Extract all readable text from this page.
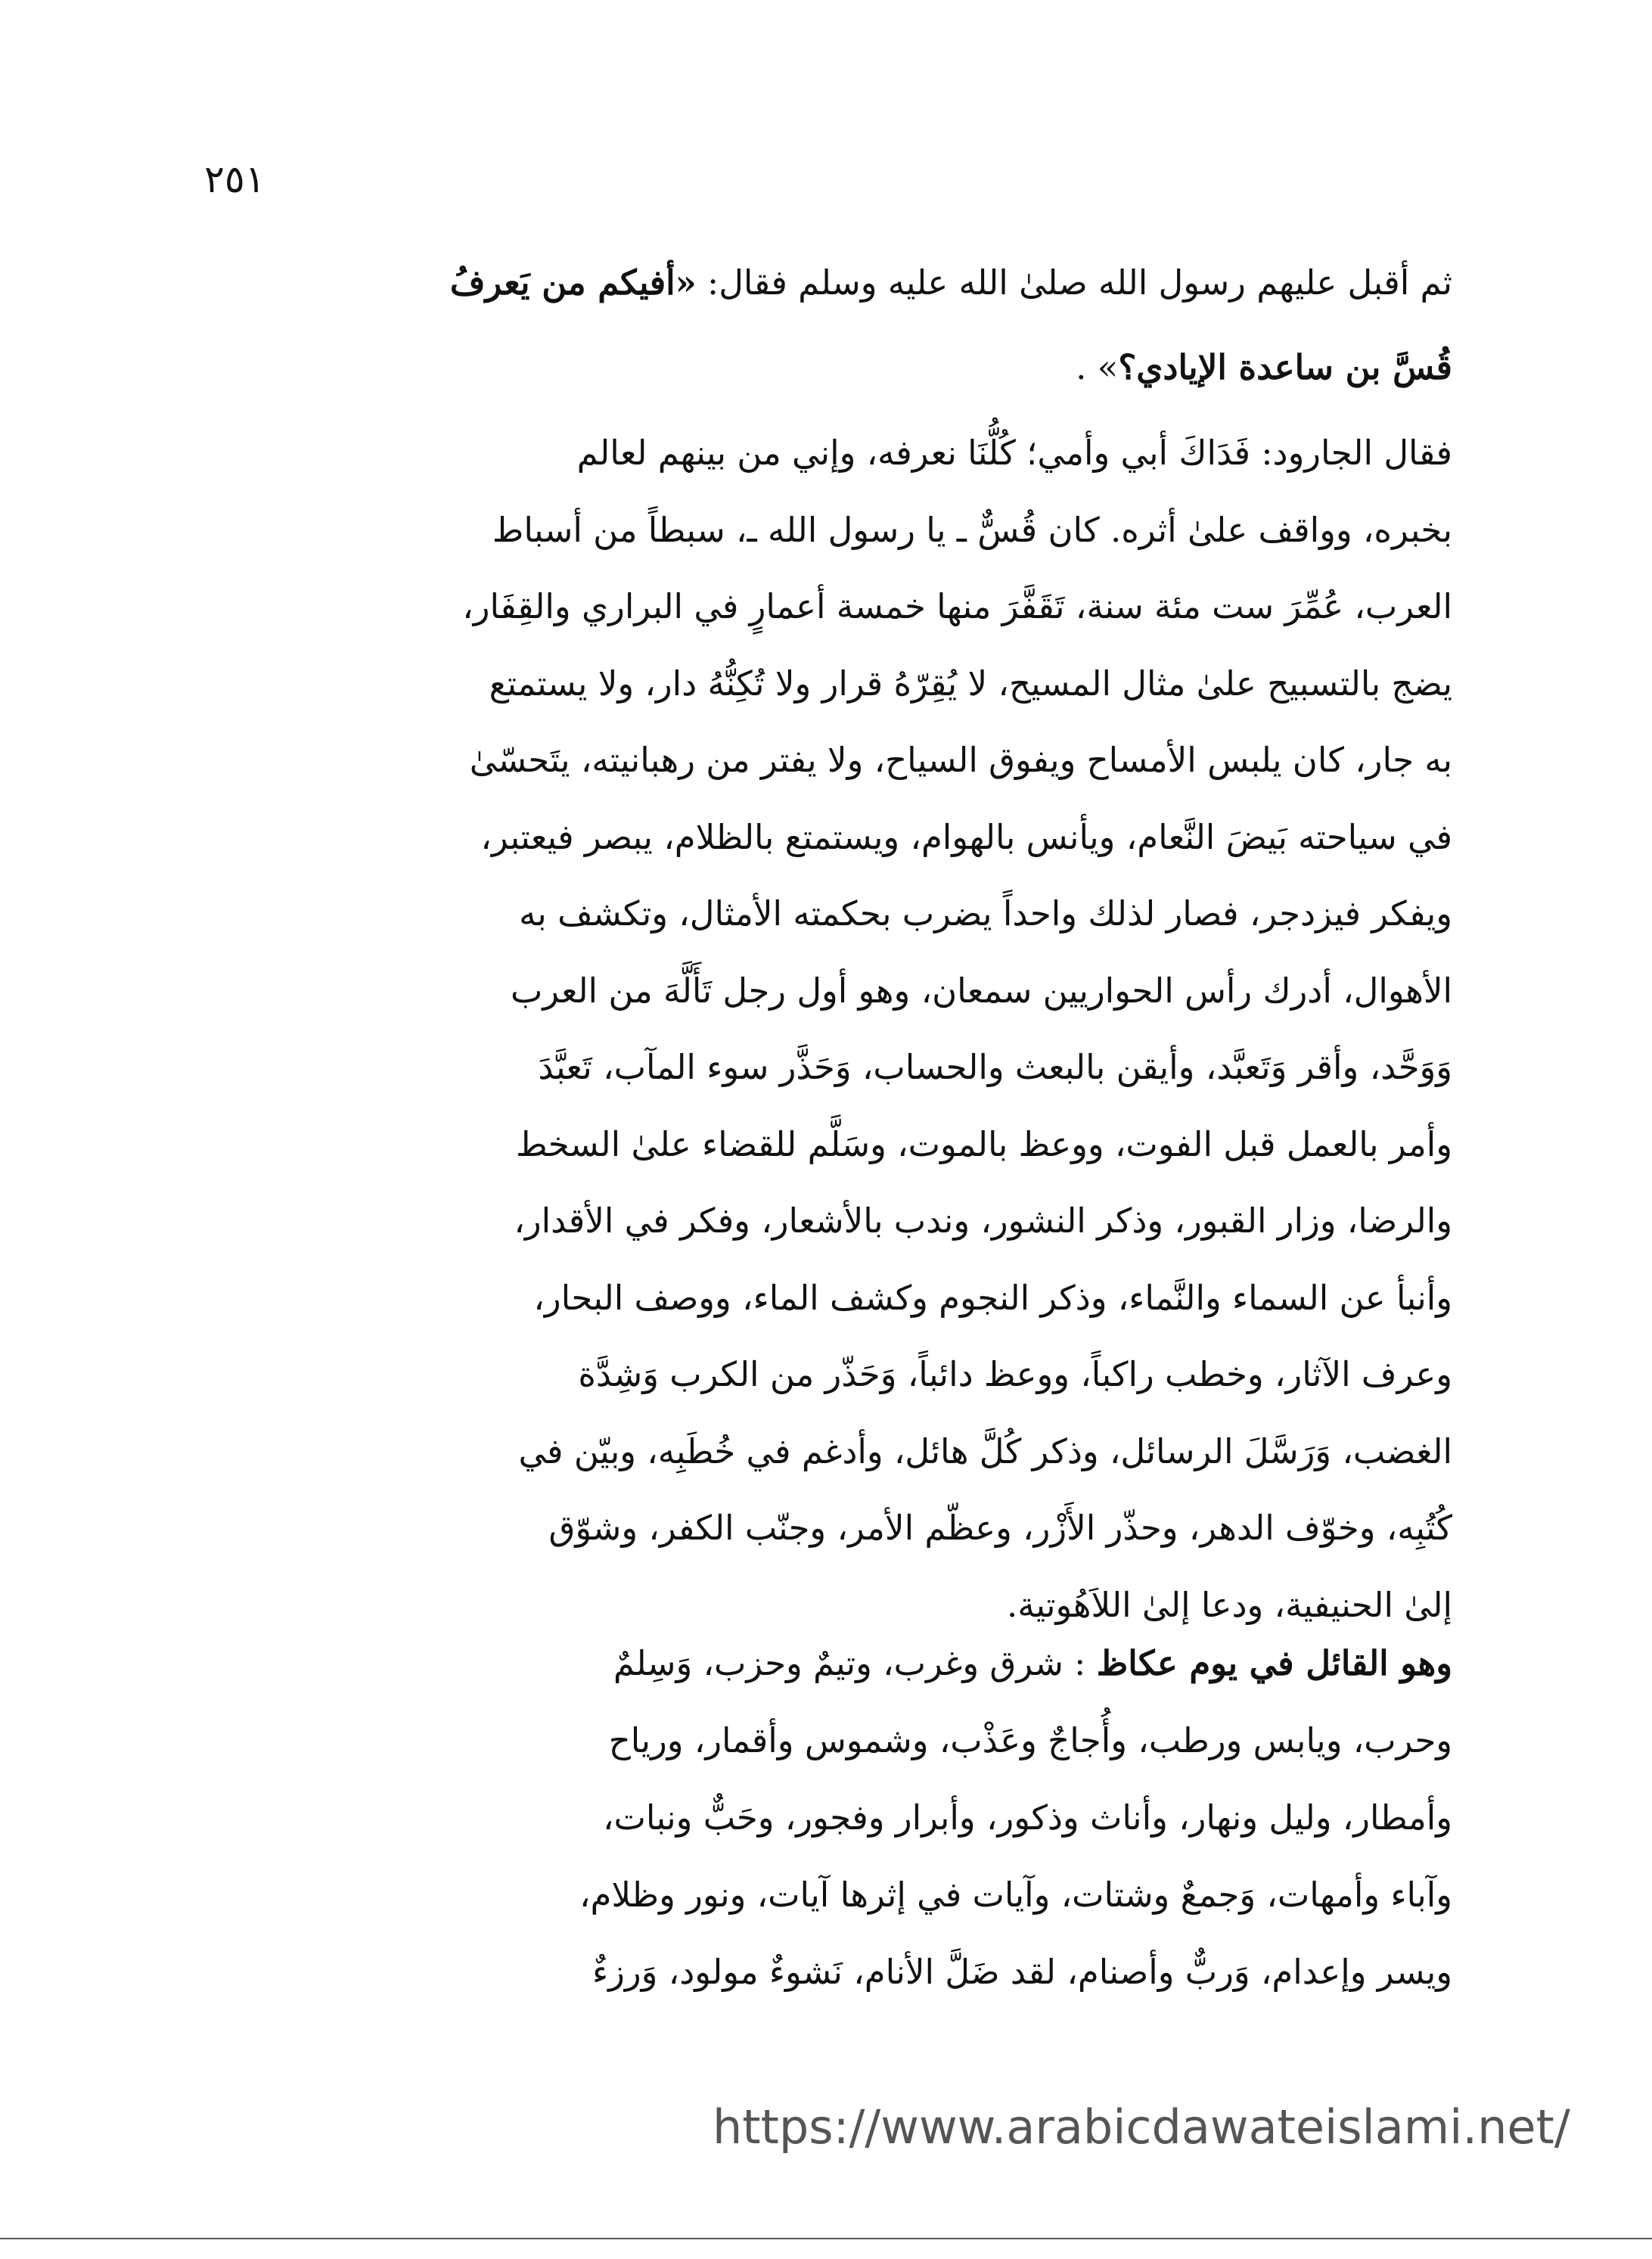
٢٥١
ثم أقبل عليهم رسول الله صلىٰ الله عليه وسلم فقال: «أفيكم من يَعرفُ
قُسَّ بن ساعدة الإيادي؟» .
فقال الجارود: فَدَاكَ أبي وأمي؛ كُلُّنَا نعرفه، وإني من بينهم لعالم
بخبره، وواقف علىٰ أثره. كان قُسٌّ ـ يا رسول الله ـ، سبطاً من أسباط
العرب، عُمِّرَ ست مئة سنة، تَقَفَّرَ منها خمسة أعمارٍ في البراري والقِفَار،
يضج بالتسبيح علىٰ مثال المسيح، لا يُقِرّهُ قرار ولا تُكِنُّهُ دار، ولا يستمتع
به جار، كان يلبس الأمساح ويفوق السياح، ولا يفتر من رهبانيته، يتَحسّىٰ
في سياحته بَيضَ النَّعام، ويأنس بالهوام، ويستمتع بالظلام، يبصر فيعتبر،
ويفكر فيزدجر، فصار لذلك واحداً يضرب بحكمته الأمثال، وتكشف به
الأهوال، أدرك رأس الحواريين سمعان، وهو أول رجل تَأَلَّهَ من العرب
وَوَحَّد، وأقر وَتَعبَّد، وأيقن بالبعث والحساب، وَحَذَّر سوء المآب، تَعبَّدَ
وأمر بالعمل قبل الفوت، ووعظ بالموت، وسَلَّم للقضاء علىٰ السخط
والرضا، وزار القبور، وذكر النشور، وندب بالأشعار، وفكر في الأقدار،
وأنبأ عن السماء والنَّماء، وذكر النجوم وكشف الماء، ووصف البحار،
وعرف الآثار، وخطب راكباً، ووعظ دائباً، وَحَذّر من الكرب وَشِدَّة
الغضب، وَرَسَّلَ الرسائل، وذكر كُلَّ هائل، وأدغم في خُطَبِه، وبيّن في
كُتُبِه، وخوّف الدهر، وحذّر الأَزْر، وعظّم الأمر، وجنّب الكفر، وشوّق
إلىٰ الحنيفية، ودعا إلىٰ اللاَهُوتية.
وهو القائل في يوم عكاظ : شرق وغرب، وتيمٌ وحزب، وَسِلمٌ
وحرب، ويابس ورطب، وأُجاجٌ وعَذْب، وشموس وأقمار، ورياح
وأمطار، وليل ونهار، وأناث وذكور، وأبرار وفجور، وحَبٌّ ونبات،
وآباء وأمهات، وَجمعٌ وشتات، وآيات في إثرها آيات، ونور وظلام،
ويسر وإعدام، وَربٌّ وأصنام، لقد ضَلَّ الأنام، نَشوءٌ مولود، وَرزءٌ
https://www.arabicdawateislami.net/
